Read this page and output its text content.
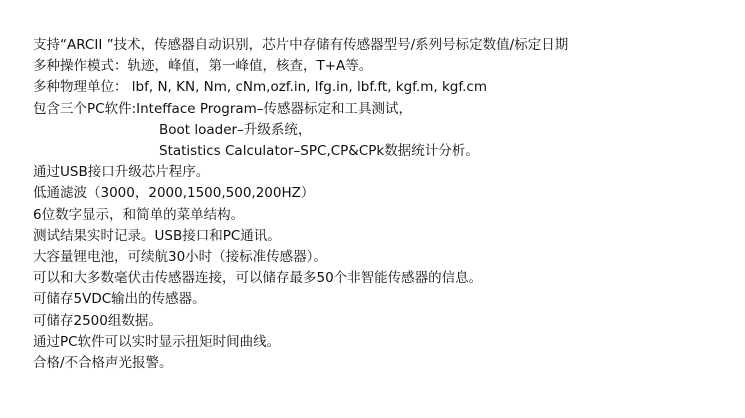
支持“ARCII ”技术，传感器自动识别，芯片中存储有传感器型号/系列号标定数值/标定日期
多种操作模式：轨迹，峰值，第一峰值，核查，T+A等。
多种物理单位： lbf, N, KN, Nm, cNm,ozf.in, lfg.in, lbf.ft, kgf.m, kgf.cm
包含三个PC软件:Intefface Program–传感器标定和工具测试，
Boot loader–升级系统，
Statistics Calculator–SPC,CP&CPk数据统计分析。
通过USB接口升级芯片程序。
低通滤波（3000，2000,1500,500,200HZ）
6位数字显示，和简单的菜单结构。
测试结果实时记录。USB接口和PC通讯。
大容量锂电池，可续航30小时（接标准传感器）。
可以和大多数毫伏击传感器连接，可以储存最多50个非智能传感器的信息。
可储存5VDC输出的传感器。
可储存2500组数据。
通过PC软件可以实时显示扭矩时间曲线。
合格/不合格声光报警。
